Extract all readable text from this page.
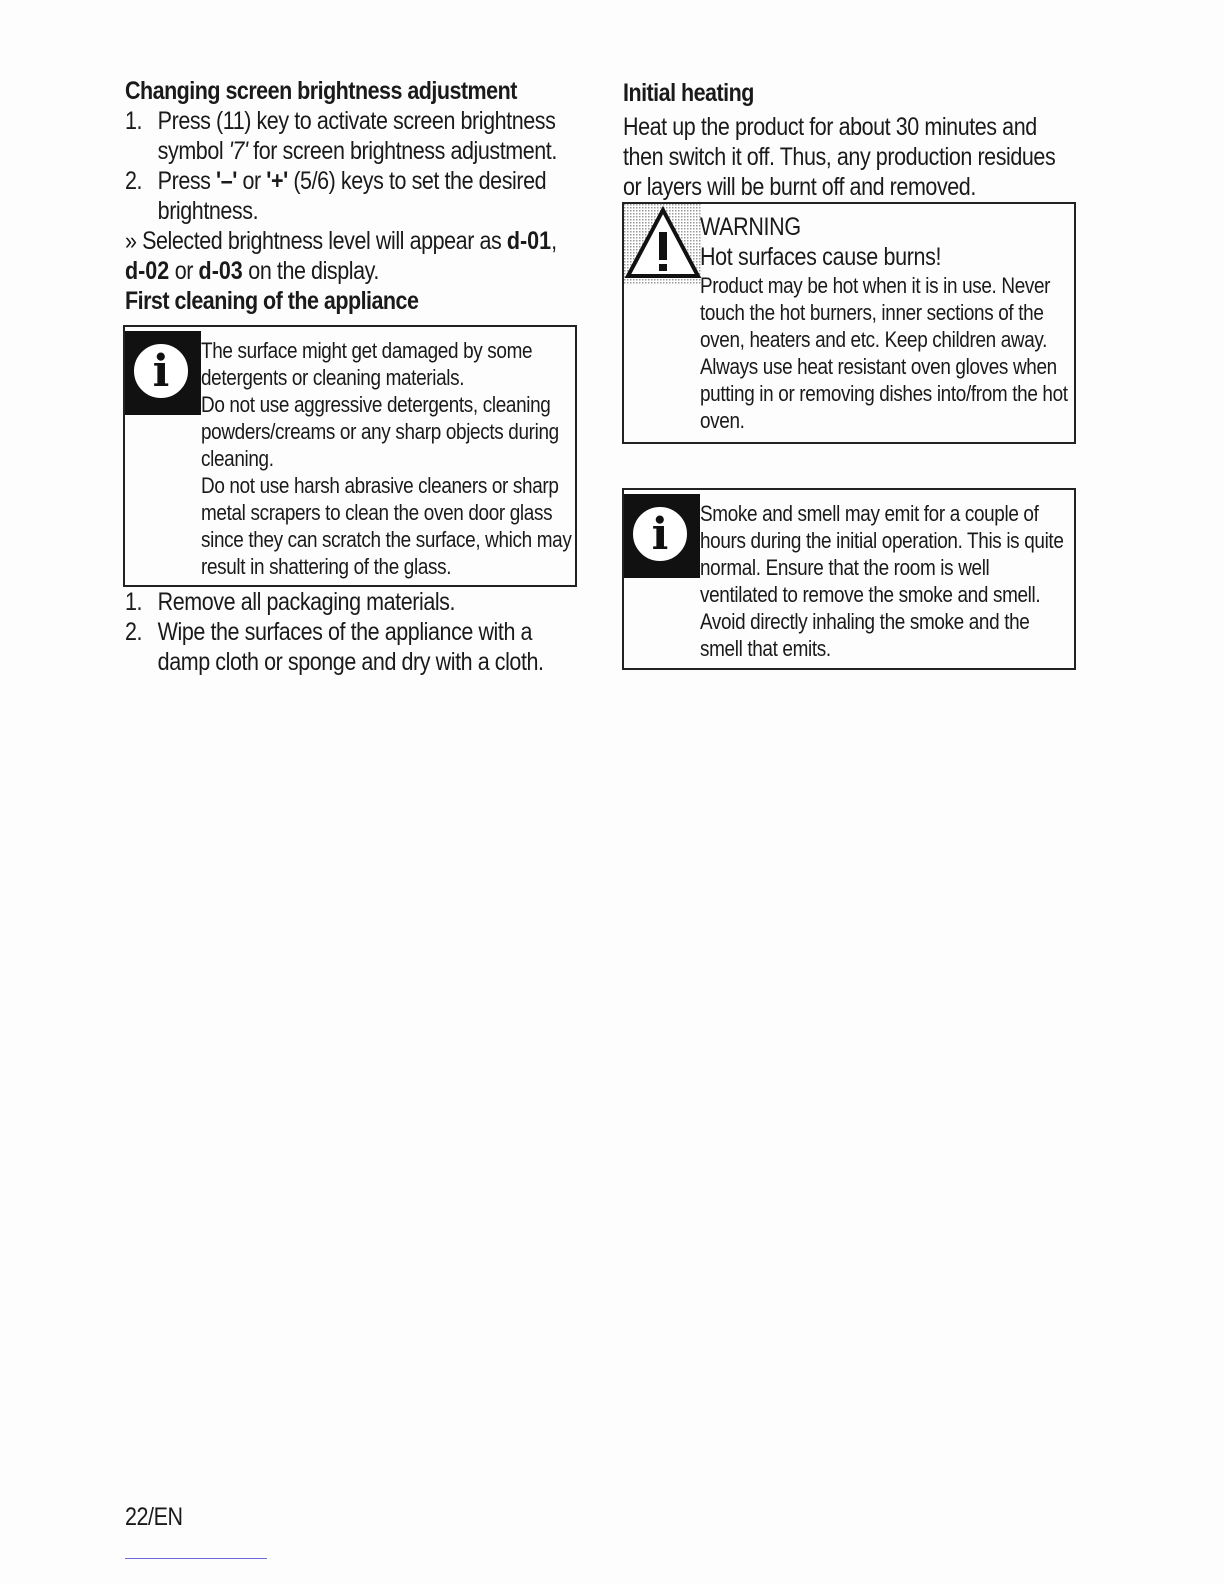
Changing screen brightness adjustment
1. Press (11) key to activate screen brightness symbol '7' for screen brightness adjustment.
2. Press '–' or '+' (5/6) keys to set the desired brightness.

» Selected brightness level will appear as d-01, d-02 or d-03 on the display.

First cleaning of the appliance
i	The surface might get damaged by some detergents or cleaning materials.

Do not use aggressive detergents, cleaning powders/creams or any sharp objects during cleaning.

Do not use harsh abrasive cleaners or sharp metal scrapers to clean the oven door glass since they can scratch the surface, which may result in shattering of the glass.

1. Remove all packaging materials.
2. Wipe the surfaces of the appliance with a damp cloth or sponge and dry with a cloth.
Initial heating

Heat up the product for about 30 minutes and then switch it off. Thus, any production residues or layers will be burnt off and removed.

WARNING

Hot surfaces cause burns!

Product may be hot when it is in use. Never touch the hot burners, inner sections of the oven, heaters and etc. Keep children away. Always use heat resistant oven gloves when putting in or removing dishes into/from the hot oven.

i	Smoke and smell may emit for a couple of hours during the initial operation. This is quite normal. Ensure that the room is well ventilated to remove the smoke and smell. Avoid directly inhaling the smoke and the smell that emits.

22/EN
